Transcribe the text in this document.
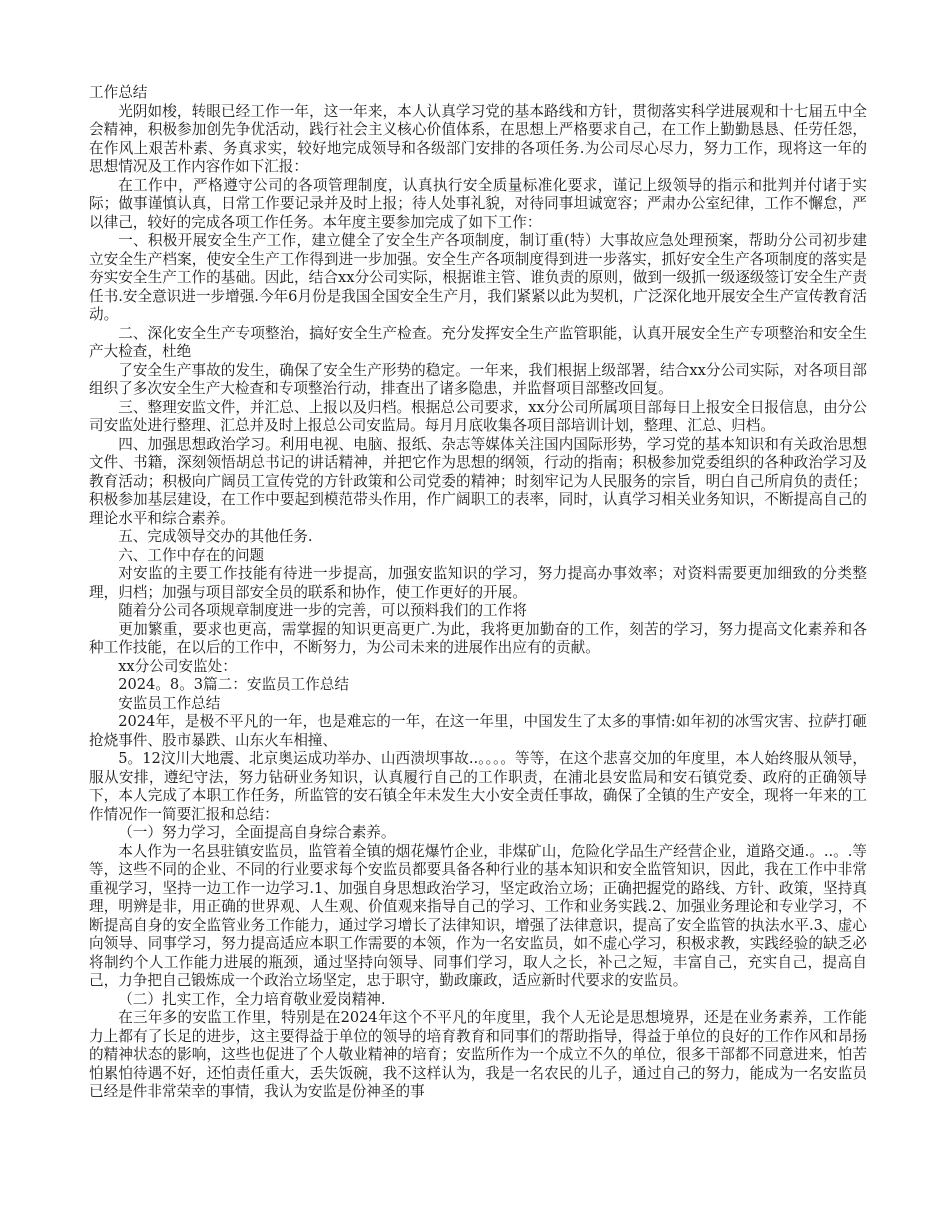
工作总结

光阴如梭，转眼已经工作一年，这一年来，本人认真学习党的基本路线和方针，贯彻落实科学进展观和十七届五中全会精神，积极参加创先争优活动，践行社会主义核心价值体系，在思想上严格要求自己，在工作上勤勤恳恳、任劳任怨，在作风上艰苦朴素、务真求实，较好地完成领导和各级部门安排的各项任务.为公司尽心尽力，努力工作，现将这一年的思想情况及工作内容作如下汇报：

在工作中，严格遵守公司的各项管理制度，认真执行安全质量标准化要求，谨记上级领导的指示和批判并付诸于实际；做事谨慎认真，日常工作要记录并及时上报；待人处事礼貌，对待同事坦诚宽容；严肃办公室纪律，工作不懈怠，严以律己，较好的完成各项工作任务。本年度主要参加完成了如下工作：

一、积极开展安全生产工作，建立健全了安全生产各项制度，制订重(特）大事故应急处理预案，帮助分公司初步建立安全生产档案，使安全生产工作得到进一步加强。安全生产各项制度得到进一步落实，抓好安全生产各项制度的落实是夯实安全生产工作的基础。因此，结合xx分公司实际，根据谁主管、谁负责的原则，做到一级抓一级逐级签订安全生产责任书.安全意识进一步增强.今年6月份是我国全国安全生产月，我们紧紧以此为契机，广泛深化地开展安全生产宣传教育活动。

二、深化安全生产专项整治，搞好安全生产检查。充分发挥安全生产监管职能，认真开展安全生产专项整治和安全生产大检查，杜绝

了安全生产事故的发生，确保了安全生产形势的稳定。一年来，我们根据上级部署，结合xx分公司实际，对各项目部组织了多次安全生产大检查和专项整治行动，排查出了诸多隐患，并监督项目部整改回复。

三、整理安监文件，并汇总、上报以及归档。根据总公司要求，xx分公司所属项目部每日上报安全日报信息，由分公司安监处进行整理、汇总并及时上报总公司安监局。每月月底收集各项目部培训计划，整理、汇总、归档。

四、加强思想政治学习。利用电视、电脑、报纸、杂志等媒体关注国内国际形势，学习党的基本知识和有关政治思想文件、书籍，深刻领悟胡总书记的讲话精神，并把它作为思想的纲领，行动的指南；积极参加党委组织的各种政治学习及教育活动；积极向广阔员工宣传党的方针政策和公司党委的精神；时刻牢记为人民服务的宗旨，明白自己所肩负的责任；积极参加基层建设，在工作中要起到模范带头作用，作广阔职工的表率，同时，认真学习相关业务知识，不断提高自己的理论水平和综合素养。

五、完成领导交办的其他任务.

六、工作中存在的问题

对安监的主要工作技能有待进一步提高，加强安监知识的学习，努力提高办事效率；对资料需要更加细致的分类整理，归档；加强与项目部安全员的联系和协作，使工作更好的开展。

随着分公司各项规章制度进一步的完善，可以预料我们的工作将

更加繁重，要求也更高，需掌握的知识更高更广.为此，我将更加勤奋的工作，刻苦的学习，努力提高文化素养和各种工作技能，在以后的工作中，不断努力，为公司未来的进展作出应有的贡献。

xx分公司安监处：

2024。8。3篇二：安监员工作总结

安监员工作总结

2024年，是极不平凡的一年，也是难忘的一年，在这一年里，中国发生了太多的事情:如年初的冰雪灾害、拉萨打砸抢烧事件、股市暴跌、山东火车相撞、

5。12汶川大地震、北京奥运成功举办、山西溃坝事故..。。。。等等，在这个悲喜交加的年度里，本人始终服从领导，服从安排，遵纪守法，努力钻研业务知识，认真履行自己的工作职责，在浦北县安监局和安石镇党委、政府的正确领导下，本人完成了本职工作任务，所监管的安石镇全年未发生大小安全责任事故，确保了全镇的生产安全，现将一年来的工作情况作一简要汇报和总结：

（一）努力学习，全面提高自身综合素养。

本人作为一名县驻镇安监员，监管着全镇的烟花爆竹企业，非煤矿山，危险化学品生产经营企业，道路交通.。..。.等等，这些不同的企业、不同的行业要求每个安监员都要具备各种行业的基本知识和安全监管知识，因此，我在工作中非常重视学习，坚持一边工作一边学习.1、加强自身思想政治学习，坚定政治立场；正确把握党的路线、方针、政策，坚持真理，明辨是非，用正确的世界观、人生观、价值观来指导自己的学习、工作和业务实践.2、加强业务理论和专业学习，不断提高自身的安全监管业务工作能力，通过学习增长了法律知识，增强了法律意识，提高了安全监管的执法水平.3、虚心向领导、同事学习，努力提高适应本职工作需要的本领，作为一名安监员，如不虚心学习，积极求教，实践经验的缺乏必将制约个人工作能力进展的瓶颈，通过坚持向领导、同事们学习，取人之长，补己之短，丰富自己，充实自己，提高自己，力争把自己锻炼成一个政治立场坚定，忠于职守，勤政廉政，适应新时代要求的安监员。

（二）扎实工作，全力培育敬业爱岗精神.

在三年多的安监工作里，特别是在2024年这个不平凡的年度里，我个人无论是思想境界，还是在业务素养，工作能力上都有了长足的进步，这主要得益于单位的领导的培育教育和同事们的帮助指导，得益于单位的良好的工作作风和昂扬的精神状态的影响，这些也促进了个人敬业精神的培育；安监所作为一个成立不久的单位，很多干部都不同意进来，怕苦怕累怕待遇不好，还怕责任重大，丢失饭碗，我不这样认为，我是一名农民的儿子，通过自己的努力，能成为一名安监员已经是件非常荣幸的事情，我认为安监是份神圣的事
